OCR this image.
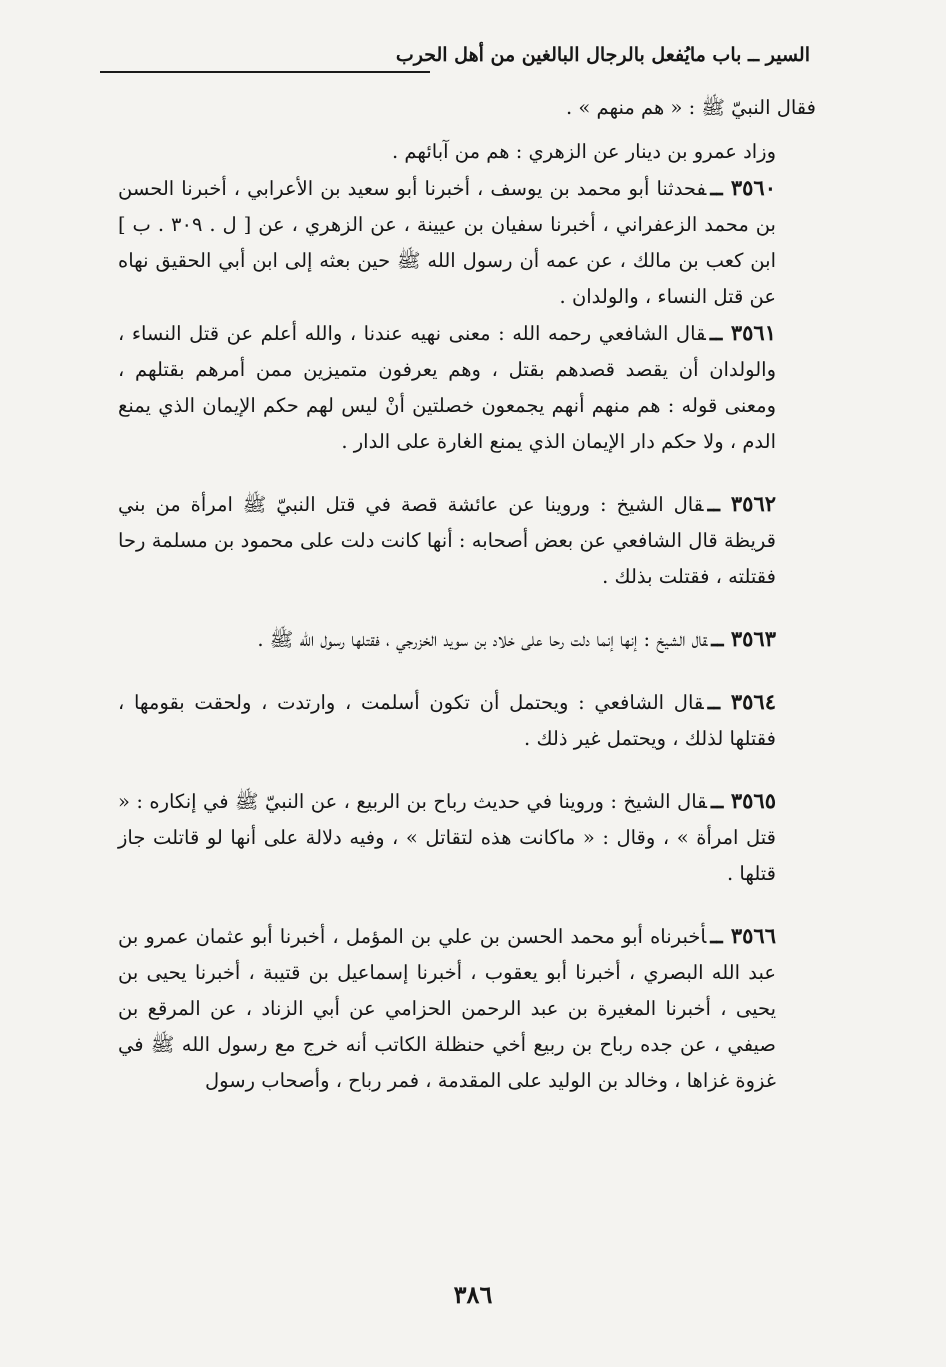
السير ــ باب مايُفعل بالرجال البالغين من أهل الحرب

فقال النبيّ ﷺ : « هم منهم » .

وزاد عمرو بن دينار عن الزهري : هم من آبائهم .

٣٥٦٠ ــفحدثنا أبو محمد بن يوسف ، أخبرنا أبو سعيد بن الأعرابي ، أخبرنا الحسن بن محمد الزعفراني ، أخبرنا سفيان بن عيينة ، عن الزهري ، عن [ ل . ٣٠٩ . ب ] ابن كعب بن مالك ، عن عمه أن رسول الله ﷺ حين بعثه إلى ابن أبي الحقيق نهاه عن قتل النساء ، والولدان .

٣٥٦١ ــقال الشافعي رحمه الله : معنى نهيه عندنا ، والله أعلم عن قتل النساء ، والولدان أن يقصد قصدهم بقتل ، وهم يعرفون متميزين ممن أمرهم بقتلهم ، ومعنى قوله : هم منهم أنهم يجمعون خصلتين أنْ ليس لهم حكم الإيمان الذي يمنع الدم ، ولا حكم دار الإيمان الذي يمنع الغارة على الدار .

٣٥٦٢ ــقال الشيخ : وروينا عن عائشة قصة في قتل النبيّ ﷺ امرأة من بني قريظة قال الشافعي عن بعض أصحابه : أنها كانت دلت على محمود بن مسلمة رحا فقتلته ، فقتلت بذلك .

٣٥٦٣ ــقال الشيخ : إنها إنما دلت رحا على خلاد بن سويد الخزرجي ، فقتلها رسول الله ﷺ .

٣٥٦٤ ــقال الشافعي : ويحتمل أن تكون أسلمت ، وارتدت ، ولحقت بقومها ، فقتلها لذلك ، ويحتمل غير ذلك .

٣٥٦٥ ــقال الشيخ : وروينا في حديث رباح بن الربيع ، عن النبيّ ﷺ في إنكاره : « قتل امرأة » ، وقال : « ماكانت هذه لتقاتل » ، وفيه دلالة على أنها لو قاتلت جاز قتلها .

٣٥٦٦ ــأخبرناه أبو محمد الحسن بن علي بن المؤمل ، أخبرنا أبو عثمان عمرو بن عبد الله البصري ، أخبرنا أبو يعقوب ، أخبرنا إسماعيل بن قتيبة ، أخبرنا يحيى بن يحيى ، أخبرنا المغيرة بن عبد الرحمن الحزامي عن أبي الزناد ، عن المرقع بن صيفي ، عن جده رباح بن ربيع أخي حنظلة الكاتب أنه خرج مع رسول الله ﷺ في غزوة غزاها ، وخالد بن الوليد على المقدمة ، فمر رباح ، وأصحاب رسول

٣٨٦
